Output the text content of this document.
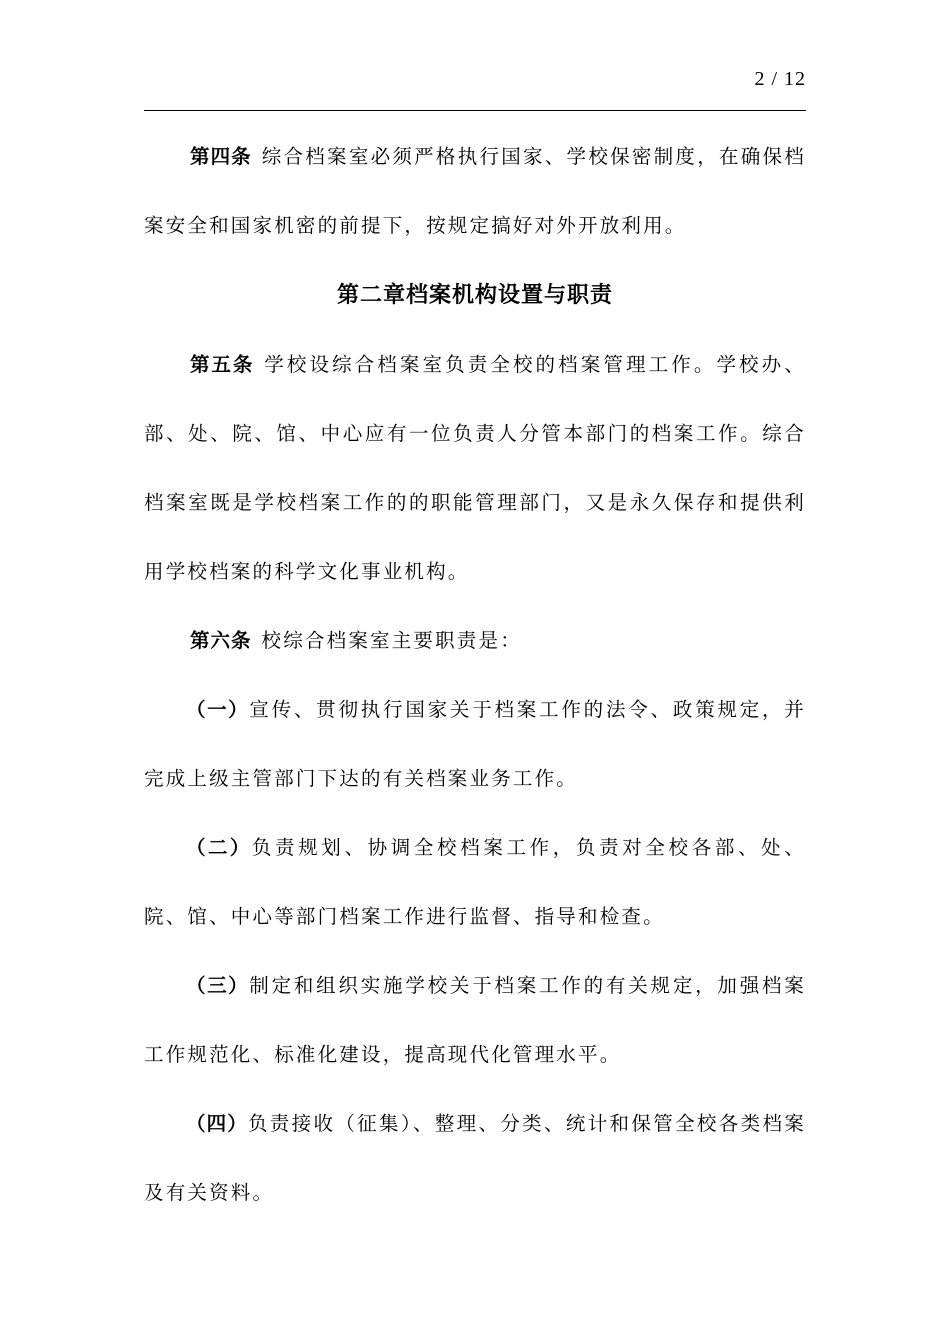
2 / 12

第四条 综合档案室必须严格执行国家、学校保密制度，在确保档案安全和国家机密的前提下，按规定搞好对外开放利用。

第二章档案机构设置与职责

第五条 学校设综合档案室负责全校的档案管理工作。学校办、部、处、院、馆、中心应有一位负责人分管本部门的档案工作。综合档案室既是学校档案工作的的职能管理部门，又是永久保存和提供利用学校档案的科学文化事业机构。

第六条 校综合档案室主要职责是：

（一）宣传、贯彻执行国家关于档案工作的法令、政策规定，并完成上级主管部门下达的有关档案业务工作。

（二）负责规划、协调全校档案工作，负责对全校各部、处、院、馆、中心等部门档案工作进行监督、指导和检查。

（三）制定和组织实施学校关于档案工作的有关规定，加强档案工作规范化、标准化建设，提高现代化管理水平。

（四）负责接收（征集）、整理、分类、统计和保管全校各类档案及有关资料。
